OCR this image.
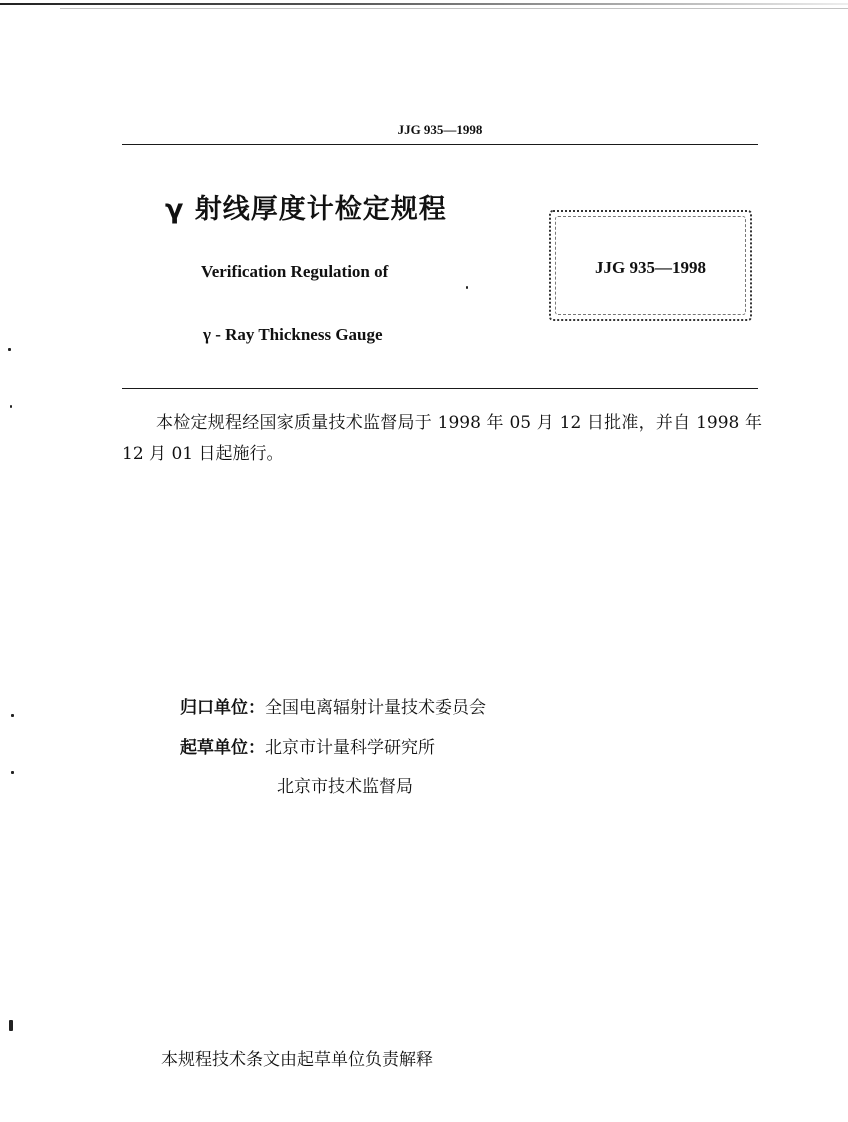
JJG 935—1998
γ 射线厚度计检定规程
Verification Regulation of
γ - Ray Thickness Gauge
JJG 935—1998
本检定规程经国家质量技术监督局于 1998 年 05 月 12 日批准，并自 1998 年 12 月 01 日起施行。
归口单位：全国电离辐射计量技术委员会
起草单位：北京市计量科学研究所
北京市技术监督局
本规程技术条文由起草单位负责解释
